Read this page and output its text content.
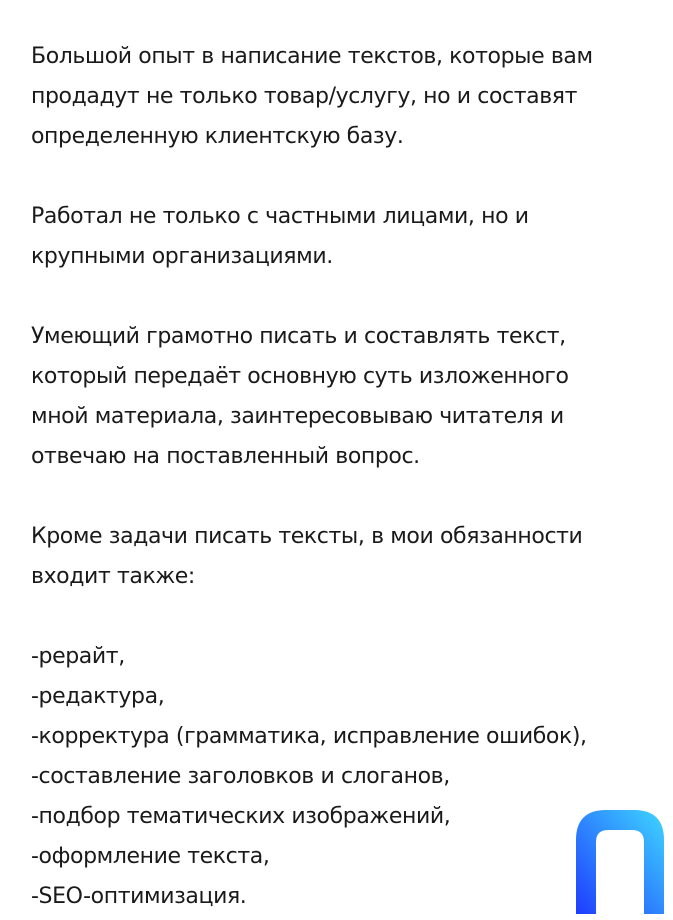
Большой опыт в написание текстов, которые вам
продадут не только товар/услугу, но и составят
определенную клиентскую базу.

Работал не только с частными лицами, но и
крупными организациями.

Умеющий грамотно писать и составлять текст,
который передаёт основную суть изложенного
мной материала, заинтересовываю читателя и
отвечаю на поставленный вопрос.

Кроме задачи писать тексты, в мои обязанности
входит также:

-рерайт,
-редактура,
-корректура (грамматика, исправление ошибок),
-составление заголовков и слоганов,
-подбор тематических изображений,
-оформление текста,
-SEO-оптимизация.
